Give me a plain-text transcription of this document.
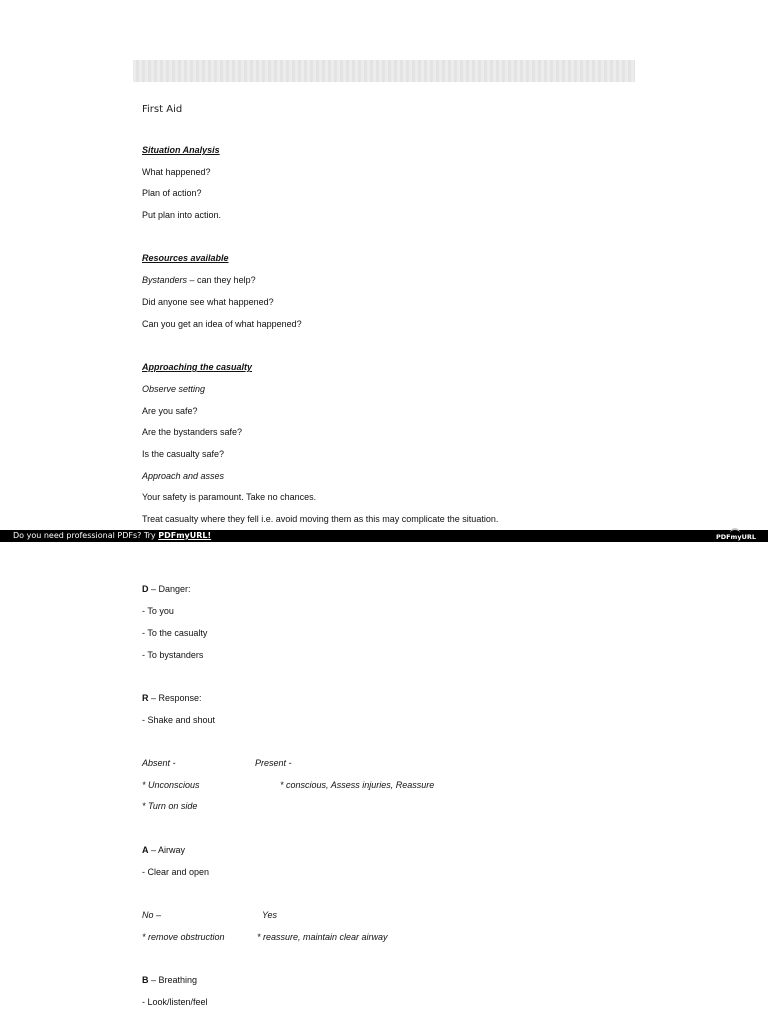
First Aid
Situation Analysis
What happened?
Plan of action?
Put plan into action.
Resources available
Bystanders – can they help?
Did anyone see what happened?
Can you get an idea of what happened?
Approaching the casualty
Observe setting
Are you safe?
Are the bystanders safe?
Is the casualty safe?
Approach and asses
Your safety is paramount. Take no chances.
Treat casualty where they fell i.e. avoid moving them as this may complicate the situation.
Do you need professional PDFs? Try PDFmyURL!	PDFmyURL
D – Danger:
- To you
- To the casualty
- To bystanders
R – Response:
- Shake and shout
Absent -	Present -
* Unconscious	* conscious, Assess injuries, Reassure
* Turn on side
A – Airway
- Clear and open
No –	Yes
* remove obstruction	* reassure, maintain clear airway
B – Breathing
- Look/listen/feel
